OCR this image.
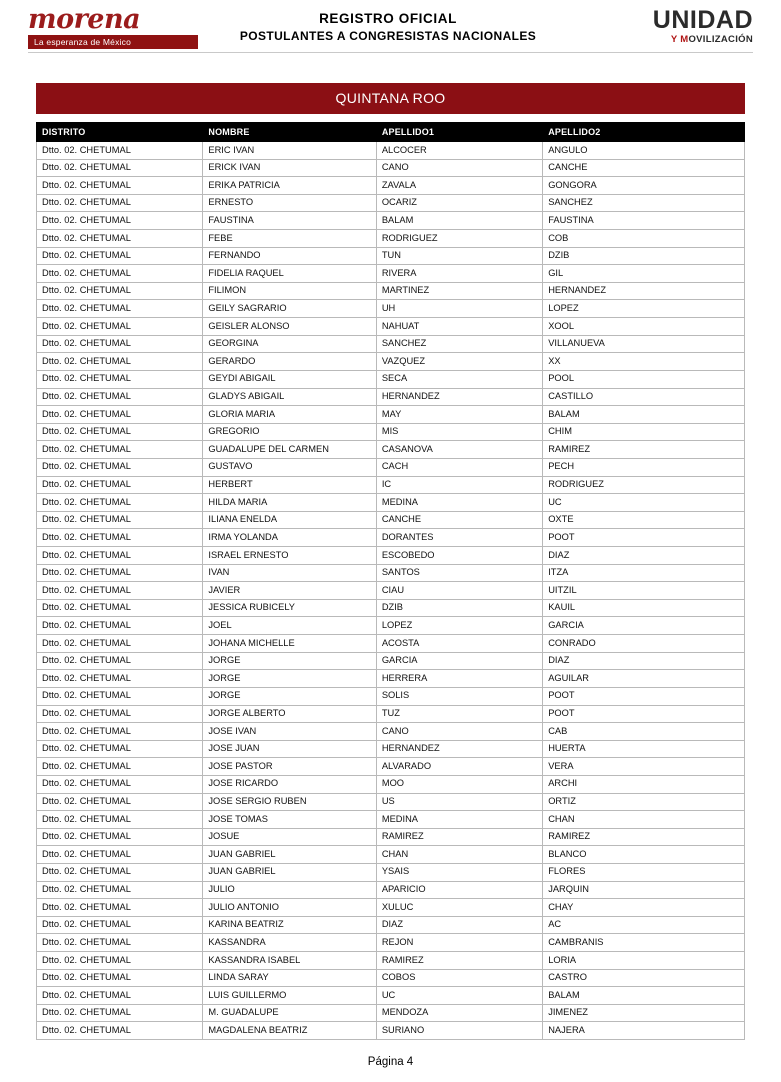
morena
La esperanza de México
REGISTRO OFICIAL
POSTULANTES A CONGRESISTAS NACIONALES
UNIDAD
Y MOVILIZACIÓN
QUINTANA ROO
DISTRITO	NOMBRE	APELLIDO1	APELLIDO2
Dtto. 02. CHETUMAL	ERIC IVAN	ALCOCER	ANGULO
Dtto. 02. CHETUMAL	ERICK IVAN	CANO	CANCHE
Dtto. 02. CHETUMAL	ERIKA PATRICIA	ZAVALA	GONGORA
Dtto. 02. CHETUMAL	ERNESTO	OCARIZ	SANCHEZ
Dtto. 02. CHETUMAL	FAUSTINA	BALAM	FAUSTINA
Dtto. 02. CHETUMAL	FEBE	RODRIGUEZ	COB
Dtto. 02. CHETUMAL	FERNANDO	TUN	DZIB
Dtto. 02. CHETUMAL	FIDELIA RAQUEL	RIVERA	GIL
Dtto. 02. CHETUMAL	FILIMON	MARTINEZ	HERNANDEZ
Dtto. 02. CHETUMAL	GEILY SAGRARIO	UH	LOPEZ
Dtto. 02. CHETUMAL	GEISLER ALONSO	NAHUAT	XOOL
Dtto. 02. CHETUMAL	GEORGINA	SANCHEZ	VILLANUEVA
Dtto. 02. CHETUMAL	GERARDO	VAZQUEZ	XX
Dtto. 02. CHETUMAL	GEYDI ABIGAIL	SECA	POOL
Dtto. 02. CHETUMAL	GLADYS ABIGAIL	HERNANDEZ	CASTILLO
Dtto. 02. CHETUMAL	GLORIA MARIA	MAY	BALAM
Dtto. 02. CHETUMAL	GREGORIO	MIS	CHIM
Dtto. 02. CHETUMAL	GUADALUPE DEL CARMEN	CASANOVA	RAMIREZ
Dtto. 02. CHETUMAL	GUSTAVO	CACH	PECH
Dtto. 02. CHETUMAL	HERBERT	IC	RODRIGUEZ
Dtto. 02. CHETUMAL	HILDA MARIA	MEDINA	UC
Dtto. 02. CHETUMAL	ILIANA ENELDA	CANCHE	OXTE
Dtto. 02. CHETUMAL	IRMA YOLANDA	DORANTES	POOT
Dtto. 02. CHETUMAL	ISRAEL ERNESTO	ESCOBEDO	DIAZ
Dtto. 02. CHETUMAL	IVAN	SANTOS	ITZA
Dtto. 02. CHETUMAL	JAVIER	CIAU	UITZIL
Dtto. 02. CHETUMAL	JESSICA RUBICELY	DZIB	KAUIL
Dtto. 02. CHETUMAL	JOEL	LOPEZ	GARCIA
Dtto. 02. CHETUMAL	JOHANA MICHELLE	ACOSTA	CONRADO
Dtto. 02. CHETUMAL	JORGE	GARCIA	DIAZ
Dtto. 02. CHETUMAL	JORGE	HERRERA	AGUILAR
Dtto. 02. CHETUMAL	JORGE	SOLIS	POOT
Dtto. 02. CHETUMAL	JORGE ALBERTO	TUZ	POOT
Dtto. 02. CHETUMAL	JOSE IVAN	CANO	CAB
Dtto. 02. CHETUMAL	JOSE JUAN	HERNANDEZ	HUERTA
Dtto. 02. CHETUMAL	JOSE PASTOR	ALVARADO	VERA
Dtto. 02. CHETUMAL	JOSE RICARDO	MOO	ARCHI
Dtto. 02. CHETUMAL	JOSE SERGIO RUBEN	US	ORTIZ
Dtto. 02. CHETUMAL	JOSE TOMAS	MEDINA	CHAN
Dtto. 02. CHETUMAL	JOSUE	RAMIREZ	RAMIREZ
Dtto. 02. CHETUMAL	JUAN GABRIEL	CHAN	BLANCO
Dtto. 02. CHETUMAL	JUAN GABRIEL	YSAIS	FLORES
Dtto. 02. CHETUMAL	JULIO	APARICIO	JARQUIN
Dtto. 02. CHETUMAL	JULIO ANTONIO	XULUC	CHAY
Dtto. 02. CHETUMAL	KARINA BEATRIZ	DIAZ	AC
Dtto. 02. CHETUMAL	KASSANDRA	REJON	CAMBRANIS
Dtto. 02. CHETUMAL	KASSANDRA ISABEL	RAMIREZ	LORIA
Dtto. 02. CHETUMAL	LINDA SARAY	COBOS	CASTRO
Dtto. 02. CHETUMAL	LUIS GUILLERMO	UC	BALAM
Dtto. 02. CHETUMAL	M. GUADALUPE	MENDOZA	JIMENEZ
Dtto. 02. CHETUMAL	MAGDALENA BEATRIZ	SURIANO	NAJERA
Página 4
